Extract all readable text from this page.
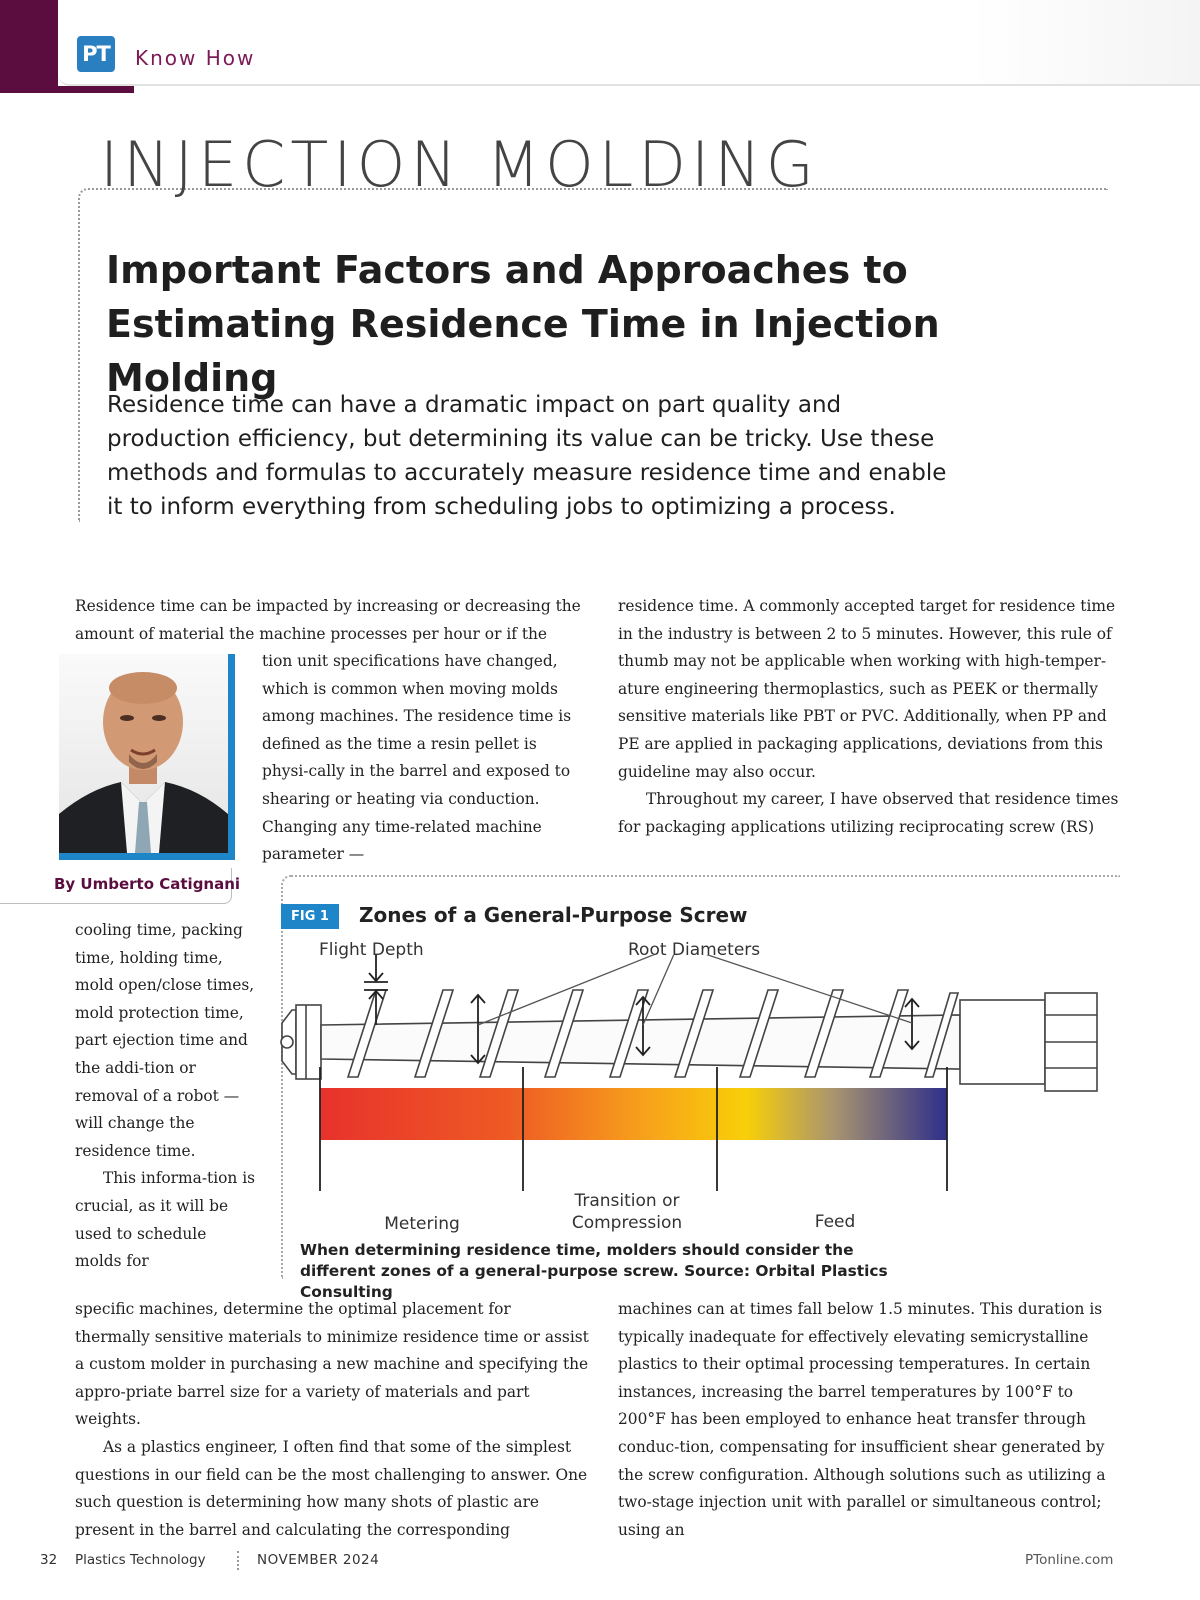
PT Know How
INJECTION MOLDING
Important Factors and Approaches to Estimating Residence Time in Injection Molding

Residence time can have a dramatic impact on part quality and production efficiency, but determining its value can be tricky. Use these methods and formulas to accurately measure residence time and enable it to inform everything from scheduling jobs to optimizing a process.

Residence time can be impacted by increasing or decreasing the amount of material the machine processes per hour or if the

tion unit specifications have changed, which is common when moving molds among machines. The residence time is defined as the time a resin pellet is physi-cally in the barrel and exposed to shearing or heating via conduction. Changing any time-related machine parameter —

residence time. A commonly accepted target for residence time in the industry is between 2 to 5 minutes. However, this rule of thumb may not be applicable when working with high-temper-ature engineering thermoplastics, such as PEEK or thermally sensitive materials like PBT or PVC. Additionally, when PP and PE are applied in packaging applications, deviations from this guideline may also occur.

Throughout my career, I have observed that residence times for packaging applications utilizing reciprocating screw (RS)

By Umberto Catignani
FIG 1	Zones of a General-Purpose Screw
Flight Depth	Root Diameters
Metering
Transition or
Compression	Feed

When determining residence time, molders should consider the different zones of a general-purpose screw. Source: Orbital Plastics Consulting

cooling time, packing time, holding time, mold open/close times, mold protection time, part ejection time and the addi-tion or removal of a robot — will change the residence time.

This informa-tion is crucial, as it will be used to schedule molds for

specific machines, determine the optimal placement for thermally sensitive materials to minimize residence time or assist a custom molder in purchasing a new machine and specifying the appro-priate barrel size for a variety of materials and part weights.

As a plastics engineer, I often find that some of the simplest questions in our field can be the most challenging to answer. One such question is determining how many shots of plastic are present in the barrel and calculating the corresponding

machines can at times fall below 1.5 minutes. This duration is typically inadequate for effectively elevating semicrystalline plastics to their optimal processing temperatures. In certain instances, increasing the barrel temperatures by 100°F to 200°F has been employed to enhance heat transfer through conduc-tion, compensating for insufficient shear generated by the screw configuration. Although solutions such as utilizing a two-stage injection unit with parallel or simultaneous control; using an

32 Plastics Technology	NOVEMBER 2024	PTonline.com
